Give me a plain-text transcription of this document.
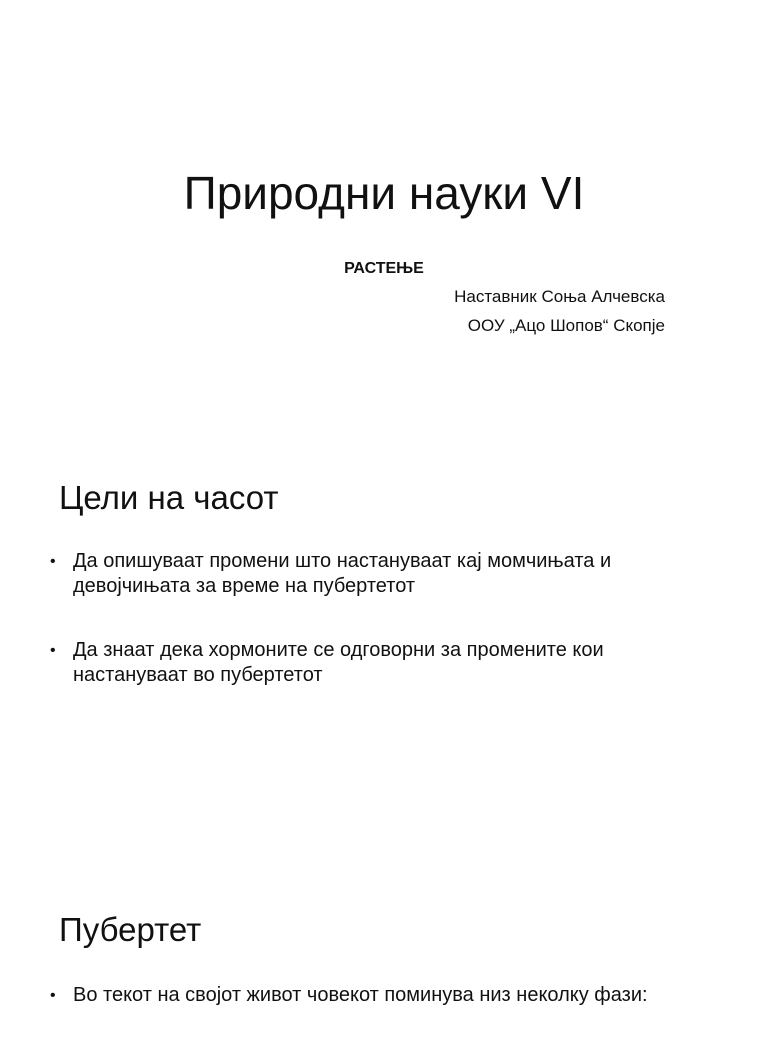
Природни науки VI
РАСТЕЊЕ
Наставник Соња Алчевска
ООУ „Ацо Шопов“ Скопје
Цели на часот
• Да опишуваат промени што настануваат кај момчињата и девојчињата за време на пубертетот
• Да знаат дека хормоните се одговорни за промените кои настануваат во пубертетот
Пубертет
• Во текот на својот живот човекот поминува низ неколку фази:
